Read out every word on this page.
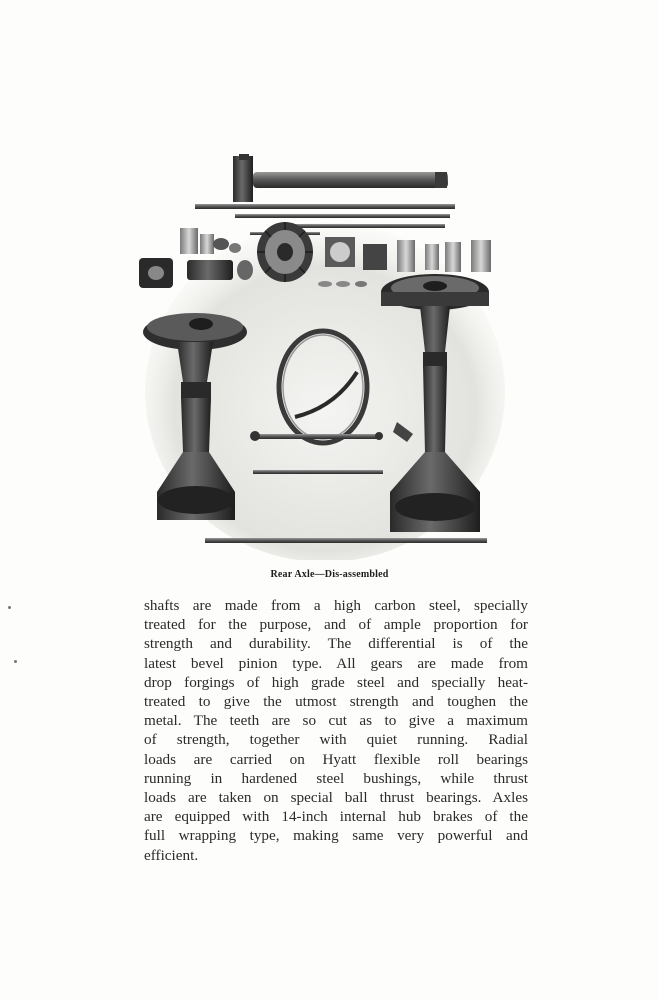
Rear Axle—Dis-assembled
shafts are made from a high carbon steel, specially
treated for the purpose, and of ample proportion for
strength and durability. The differential is of the
latest bevel pinion type. All gears are made from
drop forgings of high grade steel and specially heat-
treated to give the utmost strength and toughen the
metal. The teeth are so cut as to give a maximum
of strength, together with quiet running. Radial
loads are carried on Hyatt flexible roll bearings
running in hardened steel bushings, while thrust
loads are taken on special ball thrust bearings. Axles
are equipped with 14-inch internal hub brakes of the
full wrapping type, making same very powerful and
efficient.
